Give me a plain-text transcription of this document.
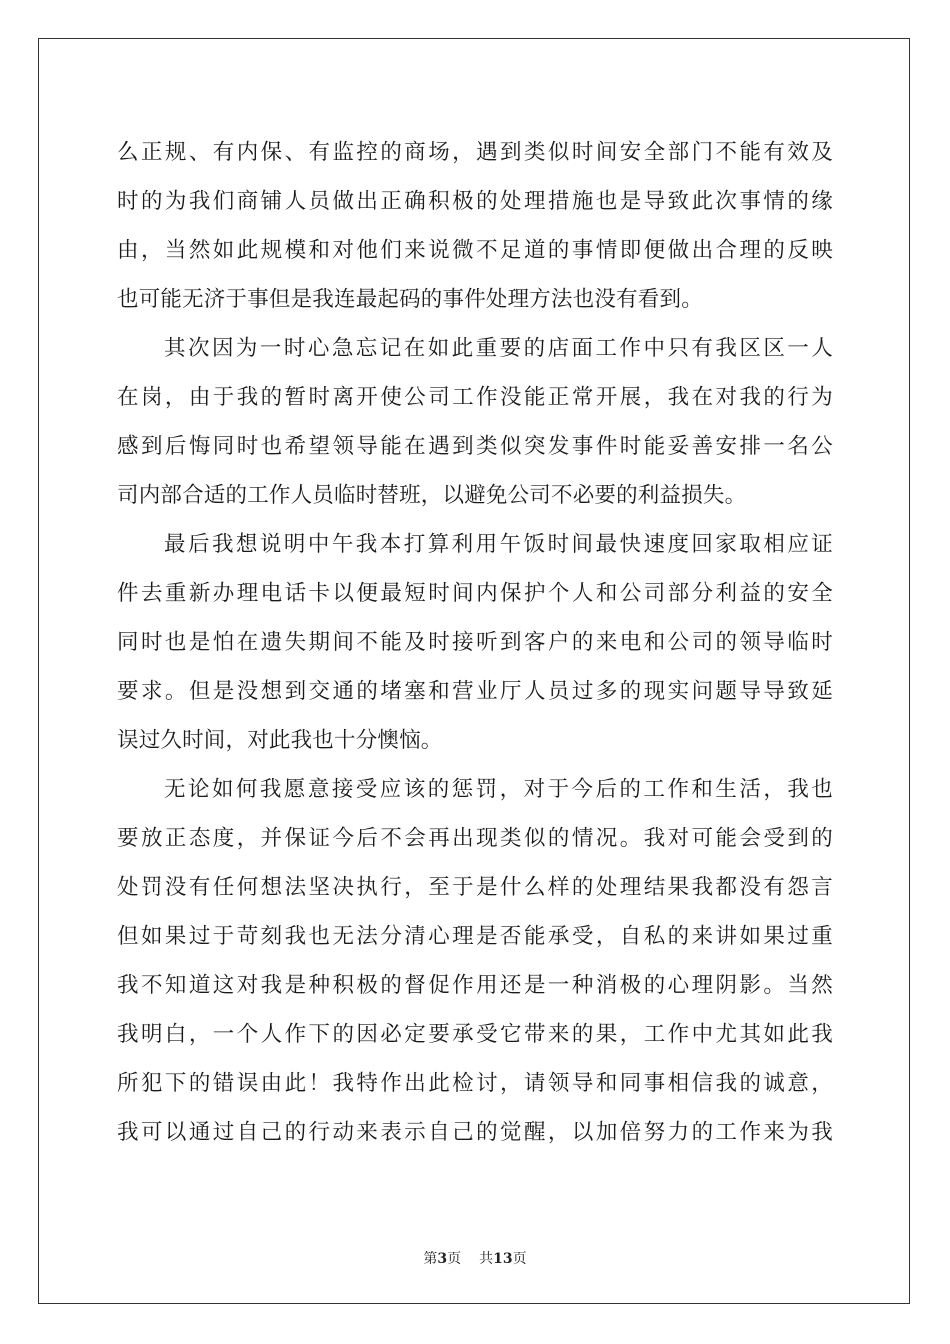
么正规、有内保、有监控的商场，遇到类似时间安全部门不能有效及
时的为我们商铺人员做出正确积极的处理措施也是导致此次事情的缘
由，当然如此规模和对他们来说微不足道的事情即便做出合理的反映
也可能无济于事但是我连最起码的事件处理方法也没有看到。
其次因为一时心急忘记在如此重要的店面工作中只有我区区一人
在岗，由于我的暂时离开使公司工作没能正常开展，我在对我的行为
感到后悔同时也希望领导能在遇到类似突发事件时能妥善安排一名公
司内部合适的工作人员临时替班，以避免公司不必要的利益损失。
最后我想说明中午我本打算利用午饭时间最快速度回家取相应证
件去重新办理电话卡以便最短时间内保护个人和公司部分利益的安全
同时也是怕在遗失期间不能及时接听到客户的来电和公司的领导临时
要求。但是没想到交通的堵塞和营业厅人员过多的现实问题导导致延
误过久时间，对此我也十分懊恼。
无论如何我愿意接受应该的惩罚，对于今后的工作和生活，我也
要放正态度，并保证今后不会再出现类似的情况。我对可能会受到的
处罚没有任何想法坚决执行，至于是什么样的处理结果我都没有怨言
但如果过于苛刻我也无法分清心理是否能承受，自私的来讲如果过重
我不知道这对我是种积极的督促作用还是一种消极的心理阴影。当然
我明白，一个人作下的因必定要承受它带来的果，工作中尤其如此我
所犯下的错误由此！我特作出此检讨，请领导和同事相信我的诚意，
我可以通过自己的行动来表示自己的觉醒，以加倍努力的工作来为我
第3页 共13页
